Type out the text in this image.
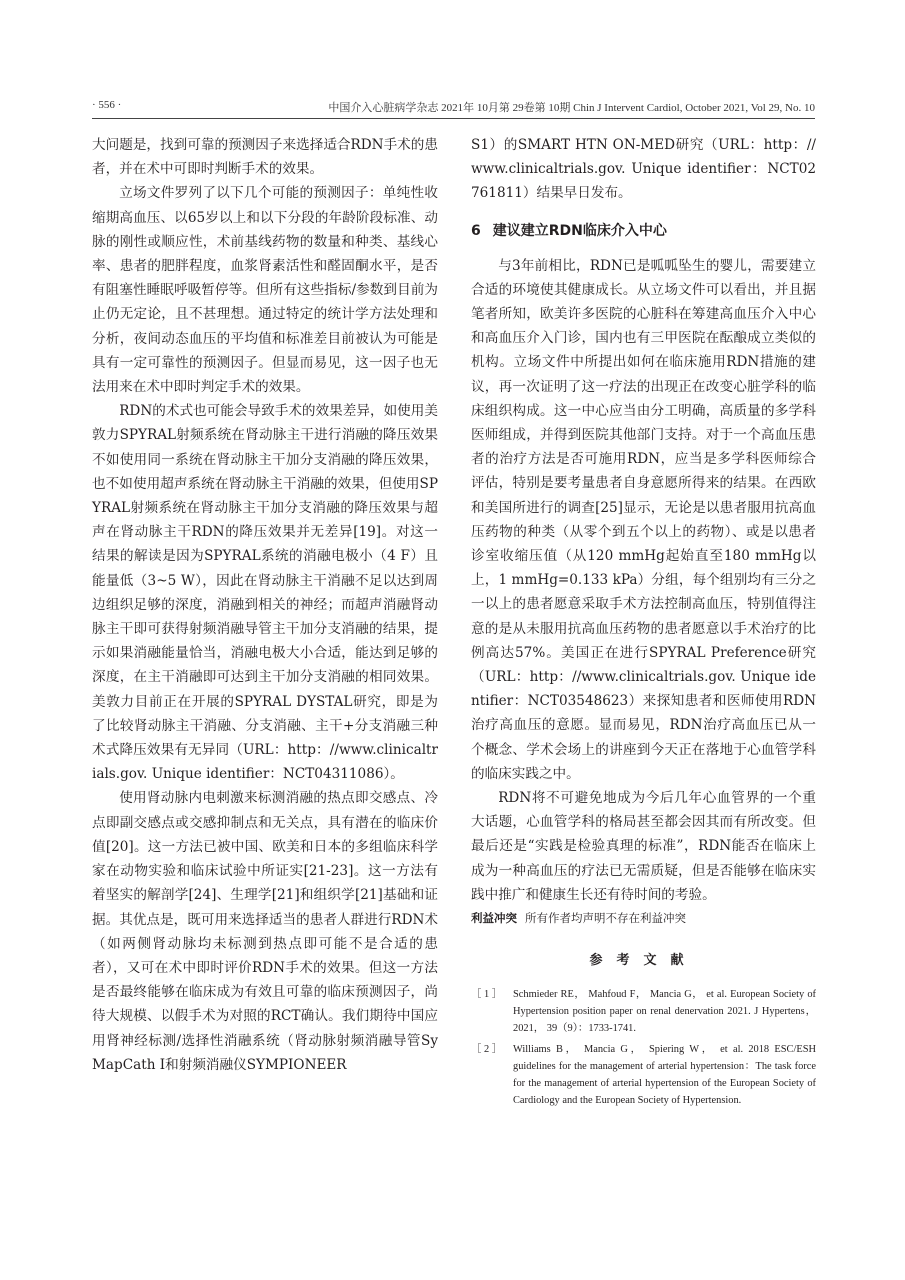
· 556 ·	中国介入心脏病学杂志 2021年 10月第 29卷第 10期 Chin J Intervent Cardiol, October 2021, Vol 29, No. 10

大问题是，找到可靠的预测因子来选择适合RDN手术的患者，并在术中可即时判断手术的效果。

立场文件罗列了以下几个可能的预测因子：单纯性收缩期高血压、以65岁以上和以下分段的年龄阶段标准、动脉的刚性或顺应性，术前基线药物的数量和种类、基线心率、患者的肥胖程度，血浆肾素活性和醛固酮水平，是否有阻塞性睡眠呼吸暂停等。但所有这些指标/参数到目前为止仍无定论，且不甚理想。通过特定的统计学方法处理和分析，夜间动态血压的平均值和标准差目前被认为可能是具有一定可靠性的预测因子。但显而易见，这一因子也无法用来在术中即时判定手术的效果。

RDN的术式也可能会导致手术的效果差异，如使用美敦力SPYRAL射频系统在肾动脉主干进行消融的降压效果不如使用同一系统在肾动脉主干加分支消融的降压效果，也不如使用超声系统在肾动脉主干消融的效果，但使用SPYRAL射频系统在肾动脉主干加分支消融的降压效果与超声在肾动脉主干RDN的降压效果并无差异[19]。对这一结果的解读是因为SPYRAL系统的消融电极小（4 F）且能量低（3~5 W），因此在肾动脉主干消融不足以达到周边组织足够的深度，消融到相关的神经；而超声消融肾动脉主干即可获得射频消融导管主干加分支消融的结果，提示如果消融能量恰当，消融电极大小合适，能达到足够的深度，在主干消融即可达到主干加分支消融的相同效果。美敦力目前正在开展的SPYRAL DYSTAL研究，即是为了比较肾动脉主干消融、分支消融、主干+分支消融三种术式降压效果有无异同（URL：http：//www.clinicaltrials.gov. Unique identifier：NCT04311086）。

使用肾动脉内电刺激来标测消融的热点即交感点、冷点即副交感点或交感抑制点和无关点，具有潜在的临床价值[20]。这一方法已被中国、欧美和日本的多组临床科学家在动物实验和临床试验中所证实[21-23]。这一方法有着坚实的解剖学[24]、生理学[21]和组织学[21]基础和证据。其优点是，既可用来选择适当的患者人群进行RDN术（如两侧肾动脉均未标测到热点即可能不是合适的患者），又可在术中即时评价RDN手术的效果。但这一方法是否最终能够在临床成为有效且可靠的临床预测因子，尚待大规模、以假手术为对照的RCT确认。我们期待中国应用肾神经标测/选择性消融系统（肾动脉射频消融导管SyMapCath Ⅰ和射频消融仪SYMPIONEER

S1）的SMART HTN ON-MED研究（URL：http：//www.clinicaltrials.gov. Unique identifier：NCT02761811）结果早日发布。

6 建议建立RDN临床介入中心

与3年前相比，RDN已是呱呱坠生的婴儿，需要建立合适的环境使其健康成长。从立场文件可以看出，并且据笔者所知，欧美许多医院的心脏科在筹建高血压介入中心和高血压介入门诊，国内也有三甲医院在酝酿成立类似的机构。立场文件中所提出如何在临床施用RDN措施的建议，再一次证明了这一疗法的出现正在改变心脏学科的临床组织构成。这一中心应当由分工明确，高质量的多学科医师组成，并得到医院其他部门支持。对于一个高血压患者的治疗方法是否可施用RDN，应当是多学科医师综合评估，特别是要考量患者自身意愿所得来的结果。在西欧和美国所进行的调查[25]显示，无论是以患者服用抗高血压药物的种类（从零个到五个以上的药物）、或是以患者诊室收缩压值（从120 mmHg起始直至180 mmHg以上，1 mmHg=0.133 kPa）分组，每个组别均有三分之一以上的患者愿意采取手术方法控制高血压，特别值得注意的是从未服用抗高血压药物的患者愿意以手术治疗的比例高达57%。美国正在进行SPYRAL Preference研究（URL：http：//www.clinicaltrials.gov. Unique identifier：NCT03548623）来探知患者和医师使用RDN治疗高血压的意愿。显而易见，RDN治疗高血压已从一个概念、学术会场上的讲座到今天正在落地于心血管学科的临床实践之中。

RDN将不可避免地成为今后几年心血管界的一个重大话题，心血管学科的格局甚至都会因其而有所改变。但最后还是“实践是检验真理的标准”，RDN能否在临床上成为一种高血压的疗法已无需质疑，但是否能够在临床实践中推广和健康生长还有待时间的考验。

利益冲突 所有作者均声明不存在利益冲突
参考文献
［ 1 ］ Schmieder RE， Mahfoud F， Mancia G， et al. European Society of Hypertension position paper on renal denervation 2021. J Hypertens，2021， 39（9）：1733-1741.
［ 2 ］ Williams B， Mancia G， Spiering W， et al. 2018 ESC/ESH guidelines for the management of arterial hypertension：The task force for the management of arterial hypertension of the European Society of Cardiology and the European Society of Hypertension.
